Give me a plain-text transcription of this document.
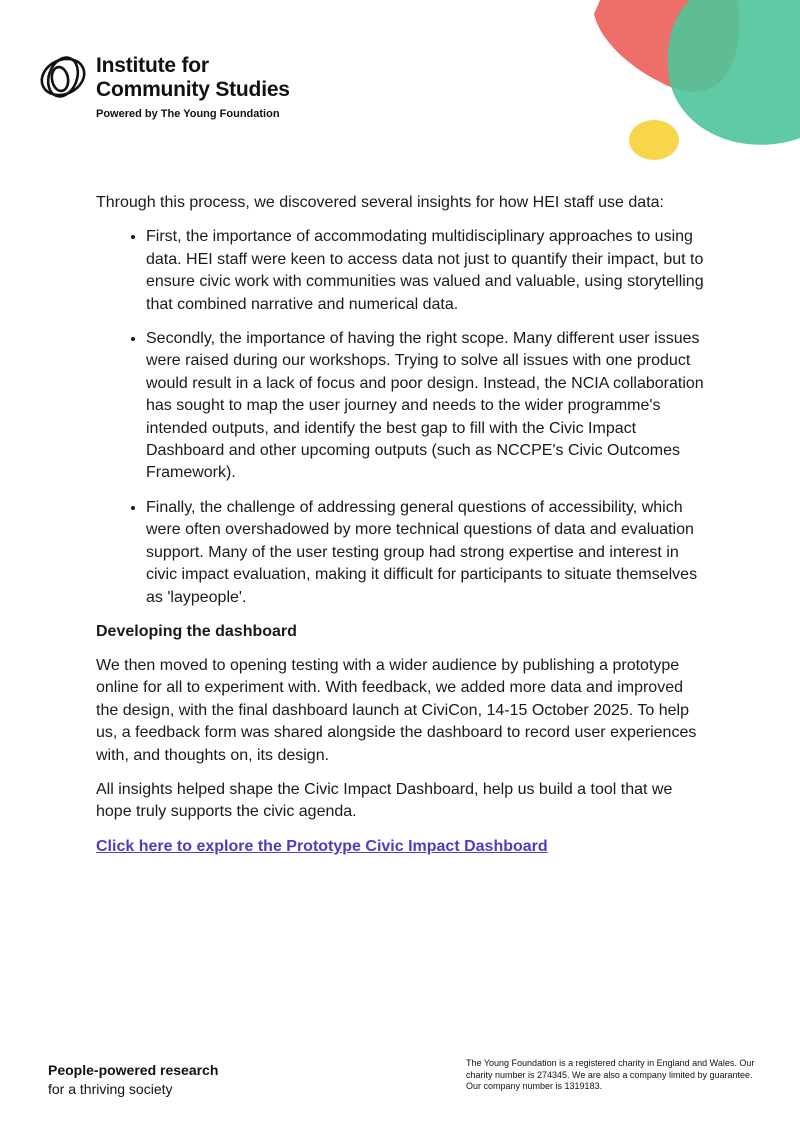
Institute for
Community Studies
Powered by The Young Foundation

Through this process, we discovered several insights for how HEI staff use data:

• First, the importance of accommodating multidisciplinary approaches to using data. HEI staff were keen to access data not just to quantify their impact, but to ensure civic work with communities was valued and valuable, using storytelling that combined narrative and numerical data.
• Secondly, the importance of having the right scope. Many different user issues were raised during our workshops. Trying to solve all issues with one product would result in a lack of focus and poor design. Instead, the NCIA collaboration has sought to map the user journey and needs to the wider programme's intended outputs, and identify the best gap to fill with the Civic Impact Dashboard and other upcoming outputs (such as NCCPE's Civic Outcomes Framework).
• Finally, the challenge of addressing general questions of accessibility, which were often overshadowed by more technical questions of data and evaluation support. Many of the user testing group had strong expertise and interest in civic impact evaluation, making it difficult for participants to situate themselves as 'laypeople'.
Developing the dashboard

We then moved to opening testing with a wider audience by publishing a prototype online for all to experiment with. With feedback, we added more data and improved the design, with the final dashboard launch at CiviCon, 14-15 October 2025. To help us, a feedback form was shared alongside the dashboard to record user experiences with, and thoughts on, its design.

All insights helped shape the Civic Impact Dashboard, help us build a tool that we hope truly supports the civic agenda.

Click here to explore the Prototype Civic Impact Dashboard

People-powered research
for a thriving society
The Young Foundation is a registered charity in England and Wales. Our charity number is 274345. We are also a company limited by guarantee. Our company number is 1319183.
